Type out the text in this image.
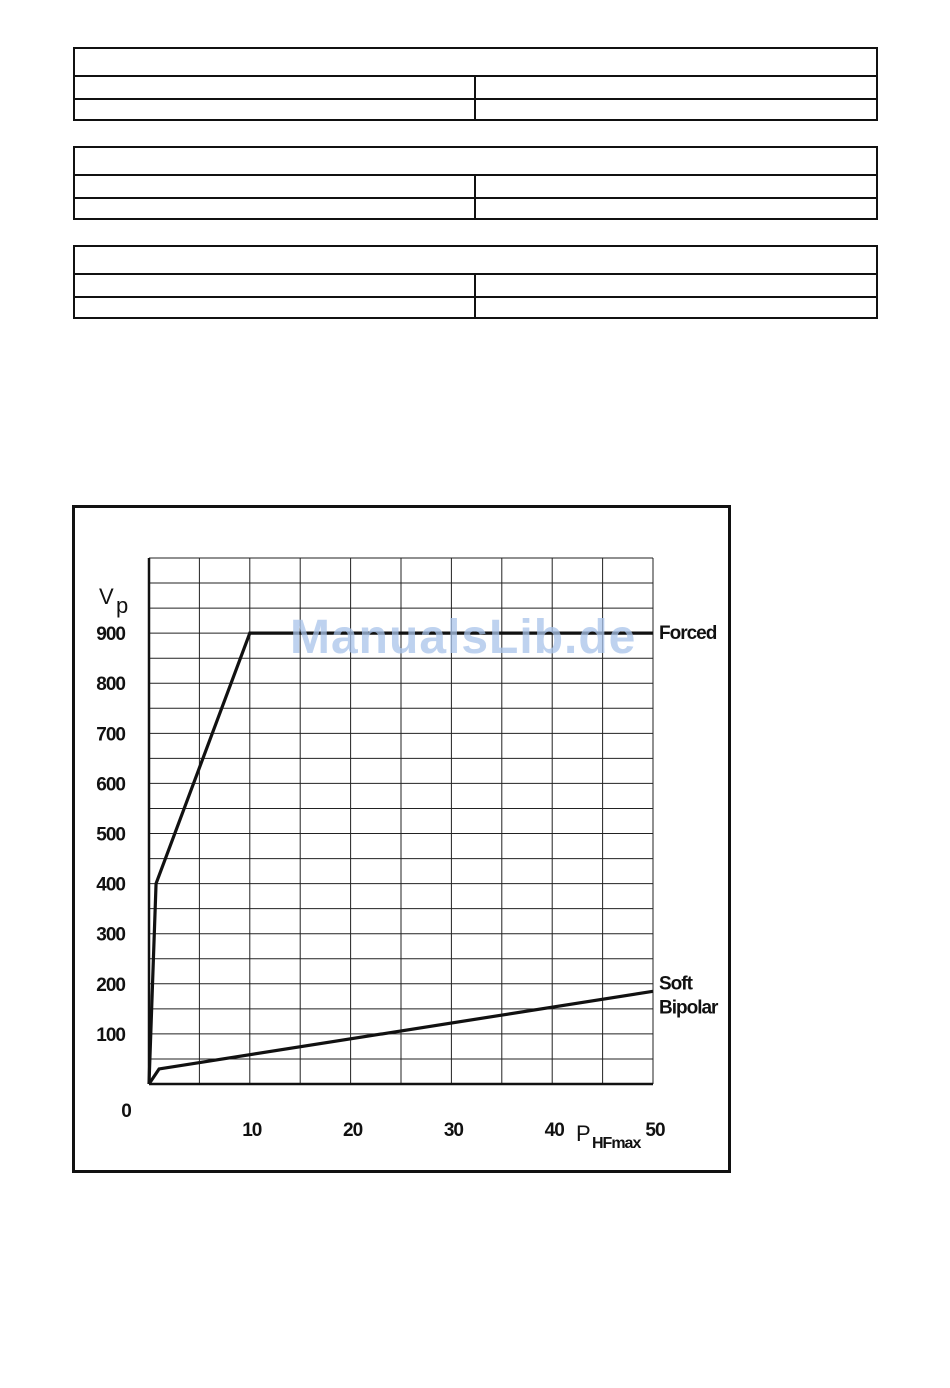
100
200
300
400
500
600
700
800
900
10	20	30	40	50
0
V p
P HFmax
Forced
Soft
Bipolar
ManualsLib.de
